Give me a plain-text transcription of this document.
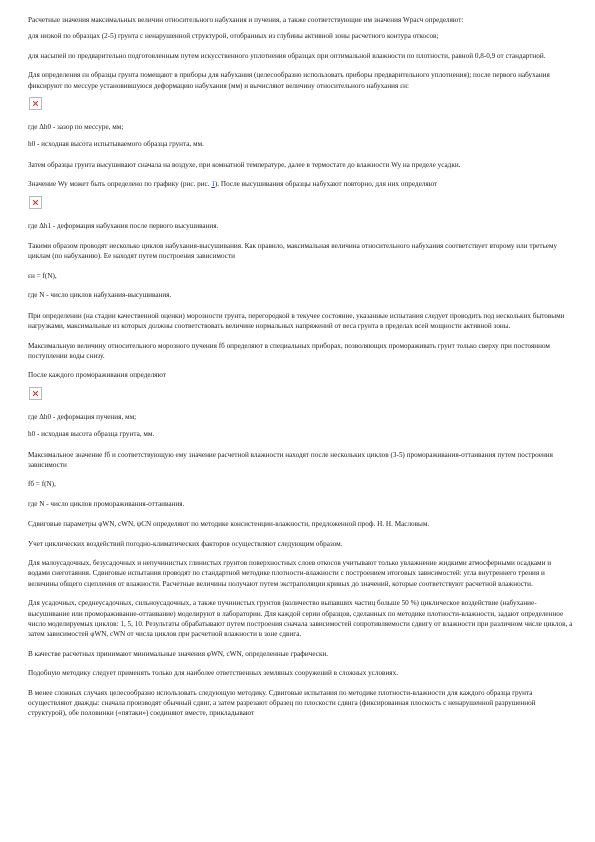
Расчетные значения максимальных величин относительного набухания и пучения, а также соответствующие им значения Wpасч определяют:

для низкой по образцах (2-5) грунта с ненарушенной структурой, отобранных из глубины активной зоны расчетного контура откосов;

для насыпей по предварительно подготовленным путем искусственного уплотнения образцах при оптимальной влажности по плотности, равной 0,8-0,9 от стандартной.

Для определения εн образцы грунта помещают в приборы для набухания (целесообразно использовать приборы предварительного уплотнения); после первого набухания фиксируют по мессуре установившуюся деформацию набухания (мм) и вычисляют величину относительного набухания εн:

где Δh0 - зазор по мессуре, мм;

h0 - исходная высота испытываемого образца грунта, мм.

Затем образцы грунта высушивают сначала на воздухе, при комнатной температуре, далее в термостате до влажности Wy на пределе усадки.

Значение Wy может быть определено по графику (рис. рис. 1). После высушивания образцы набухают повторно, для них определяют

где Δh1 - деформация набухания после первого высушивания.

Такими образом проводят несколько циклов набухания-высушивания. Как правило, максимальная величина относительного набухания соответствует второму или третьему циклам (по набуханию). Ее находят путем построения зависимости

εн = f(N),

где N - число циклов набухания-высушивания.

При определении (на стадии качественной оценки) морозности грунта, перегородкой в текучее состояние, указанные испытания следует проводить под нескольких бытовыми нагрузками, максимальные из которых должны соответствовать величине нормальных напряжений от веса грунта в пределах всей мощности активной зоны.

Максимальную величину относительного морозного пучения fб определяют в специальных приборах, позволяющих промораживать грунт только сверху при постоянном поступлении воды снизу.

После каждого промораживания определяют

где Δh0 - деформация пучения, мм;

h0 - исходная высота образца грунта, мм.

Максимальное значение fб и соответствующую ему значение расчетной влажности находят после нескольких циклов (3-5) промораживания-оттаивания путем построения зависимости

fб = f(N),

где N - число циклов промораживания-оттаивания.

Сдвиговые параметры φWN, cWN, ψCN определяют по методике консистенции-влажности, предложенной проф. Н. Н. Масловым.

Учет циклических воздействий погодно-климатических факторов осуществляют следующим образом.

Для малоусадочных, безусадочных и непучинистых глинистых грунтов поверхностных слоев откосов учитывают только увлажнение жидкими атмосферными осадками и водами снеготаяния. Сдвиговые испытания проводят по стандартной методике плотности-влажности с построением итоговых зависимостей: угла внутреннего трения и величины общего сцепления от влажности. Расчетные величины получают путем экстраполяции кривых до значений, которые соответствуют расчетной влажности.

Для усадочных, среднеусадочных, сильноусадочных, а также пучинистых грунтов (количество выпавших частиц больше 50 %) циклическое воздействие (набухание-высушивание или промораживание-оттаивание) моделируют в лаборатории. Для каждой серии образцов, сделанных по методике плотности-влажности, задают определенное число моделируемых циклов: 1, 5, 10. Результаты обрабатывают путем построения сначала зависимостей сопротивляемости сдвигу от влажности при различном числе циклов, а затем зависимостей φWN, cWN от числа циклов при расчетной влажности в зоне сдвига.

В качестве расчетных принимают минимальные значения φWN, cWN, определенные графически.

Подобную методику следует применять только для наиболее ответственных земляных сооружений в сложных условиях.

В менее сложных случаях целесообразно использовать следующую методику. Сдвиговые испытания по методике плотности-влажности для каждого образца грунта осуществляют дважды: сначала производят обычный сдвиг, а затем разрезают образец по плоскости сдвига (фиксированная плоскость с ненарушенной разрушенной структурой), обе половинки («пятаки») соединяют вместе, прикладывают
